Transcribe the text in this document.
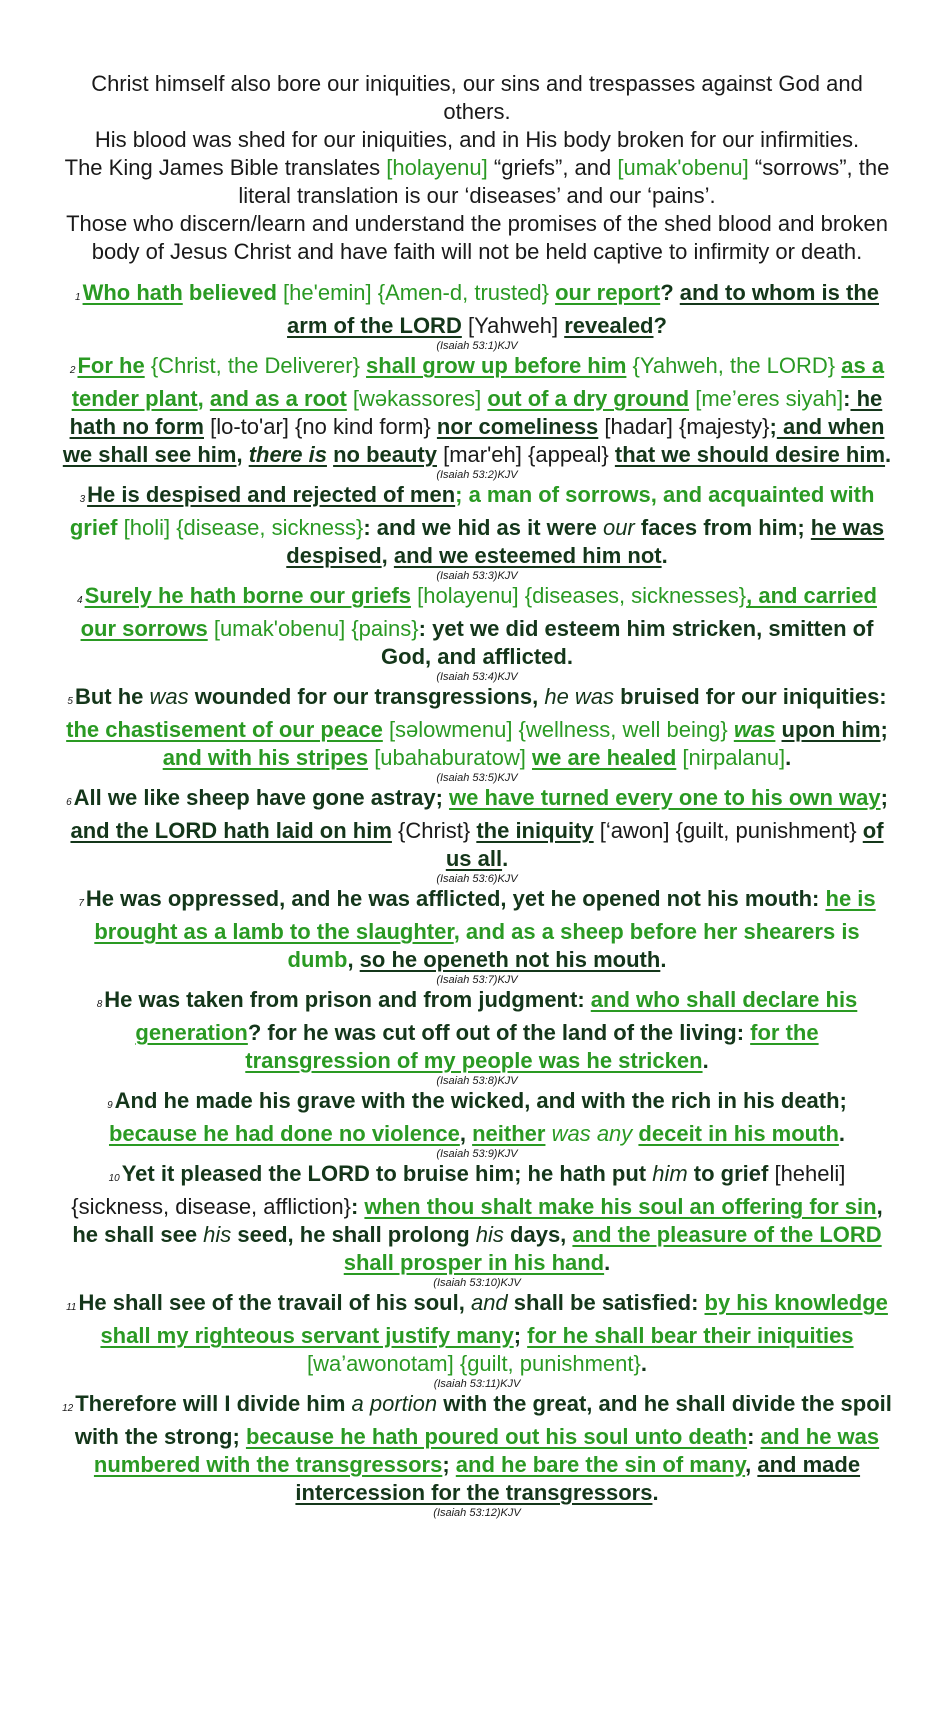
Christ himself also bore our iniquities, our sins and trespasses against God and others.

His blood was shed for our iniquities, and in His body broken for our infirmities.

The King James Bible translates [holayenu] “griefs”, and [umak'obenu] “sorrows”, the literal translation is our ‘diseases’ and our ‘pains’.

Those who discern/learn and understand the promises of the shed blood and broken body of Jesus Christ and have faith will not be held captive to infirmity or death.

1Who hath believed [he'emin] {Amen-d, trusted} our report? and to whom is the arm of the LORD [Yahweh] revealed?

(Isaiah 53:1)KJV

2For he {Christ, the Deliverer} shall grow up before him {Yahweh, the LORD} as a tender plant, and as a root [wəkassores] out of a dry ground [me’eres siyah]: he hath no form [lo-to'ar] {no kind form} nor comeliness [hadar] {majesty}; and when we shall see him, there is no beauty [mar'eh] {appeal} that we should desire him.

(Isaiah 53:2)KJV

3He is despised and rejected of men; a man of sorrows, and acquainted with grief [holi] {disease, sickness}: and we hid as it were our faces from him; he was despised, and we esteemed him not.

(Isaiah 53:3)KJV

4Surely he hath borne our griefs [holayenu] {diseases, sicknesses}, and carried our sorrows [umak'obenu] {pains}: yet we did esteem him stricken, smitten of God, and afflicted.

(Isaiah 53:4)KJV

5But he was wounded for our transgressions, he was bruised for our iniquities: the chastisement of our peace [səlowmenu] {wellness, well being} was upon him; and with his stripes [ubahaburatow] we are healed [nirpalanu].

(Isaiah 53:5)KJV

6All we like sheep have gone astray; we have turned every one to his own way; and the LORD hath laid on him {Christ} the iniquity [‘awon] {guilt, punishment} of us all.

(Isaiah 53:6)KJV

7He was oppressed, and he was afflicted, yet he opened not his mouth: he is brought as a lamb to the slaughter, and as a sheep before her shearers is dumb, so he openeth not his mouth.

(Isaiah 53:7)KJV

8He was taken from prison and from judgment: and who shall declare his generation? for he was cut off out of the land of the living: for the transgression of my people was he stricken.

(Isaiah 53:8)KJV

9And he made his grave with the wicked, and with the rich in his death; because he had done no violence, neither was any deceit in his mouth.

(Isaiah 53:9)KJV

10Yet it pleased the LORD to bruise him; he hath put him to grief [heheli] {sickness, disease, affliction}: when thou shalt make his soul an offering for sin, he shall see his seed, he shall prolong his days, and the pleasure of the LORD shall prosper in his hand.

(Isaiah 53:10)KJV

11He shall see of the travail of his soul, and shall be satisfied: by his knowledge shall my righteous servant justify many; for he shall bear their iniquities [wa’awonotam] {guilt, punishment}.

(Isaiah 53:11)KJV

12Therefore will I divide him a portion with the great, and he shall divide the spoil with the strong; because he hath poured out his soul unto death: and he was numbered with the transgressors; and he bare the sin of many, and made intercession for the transgressors.

(Isaiah 53:12)KJV
